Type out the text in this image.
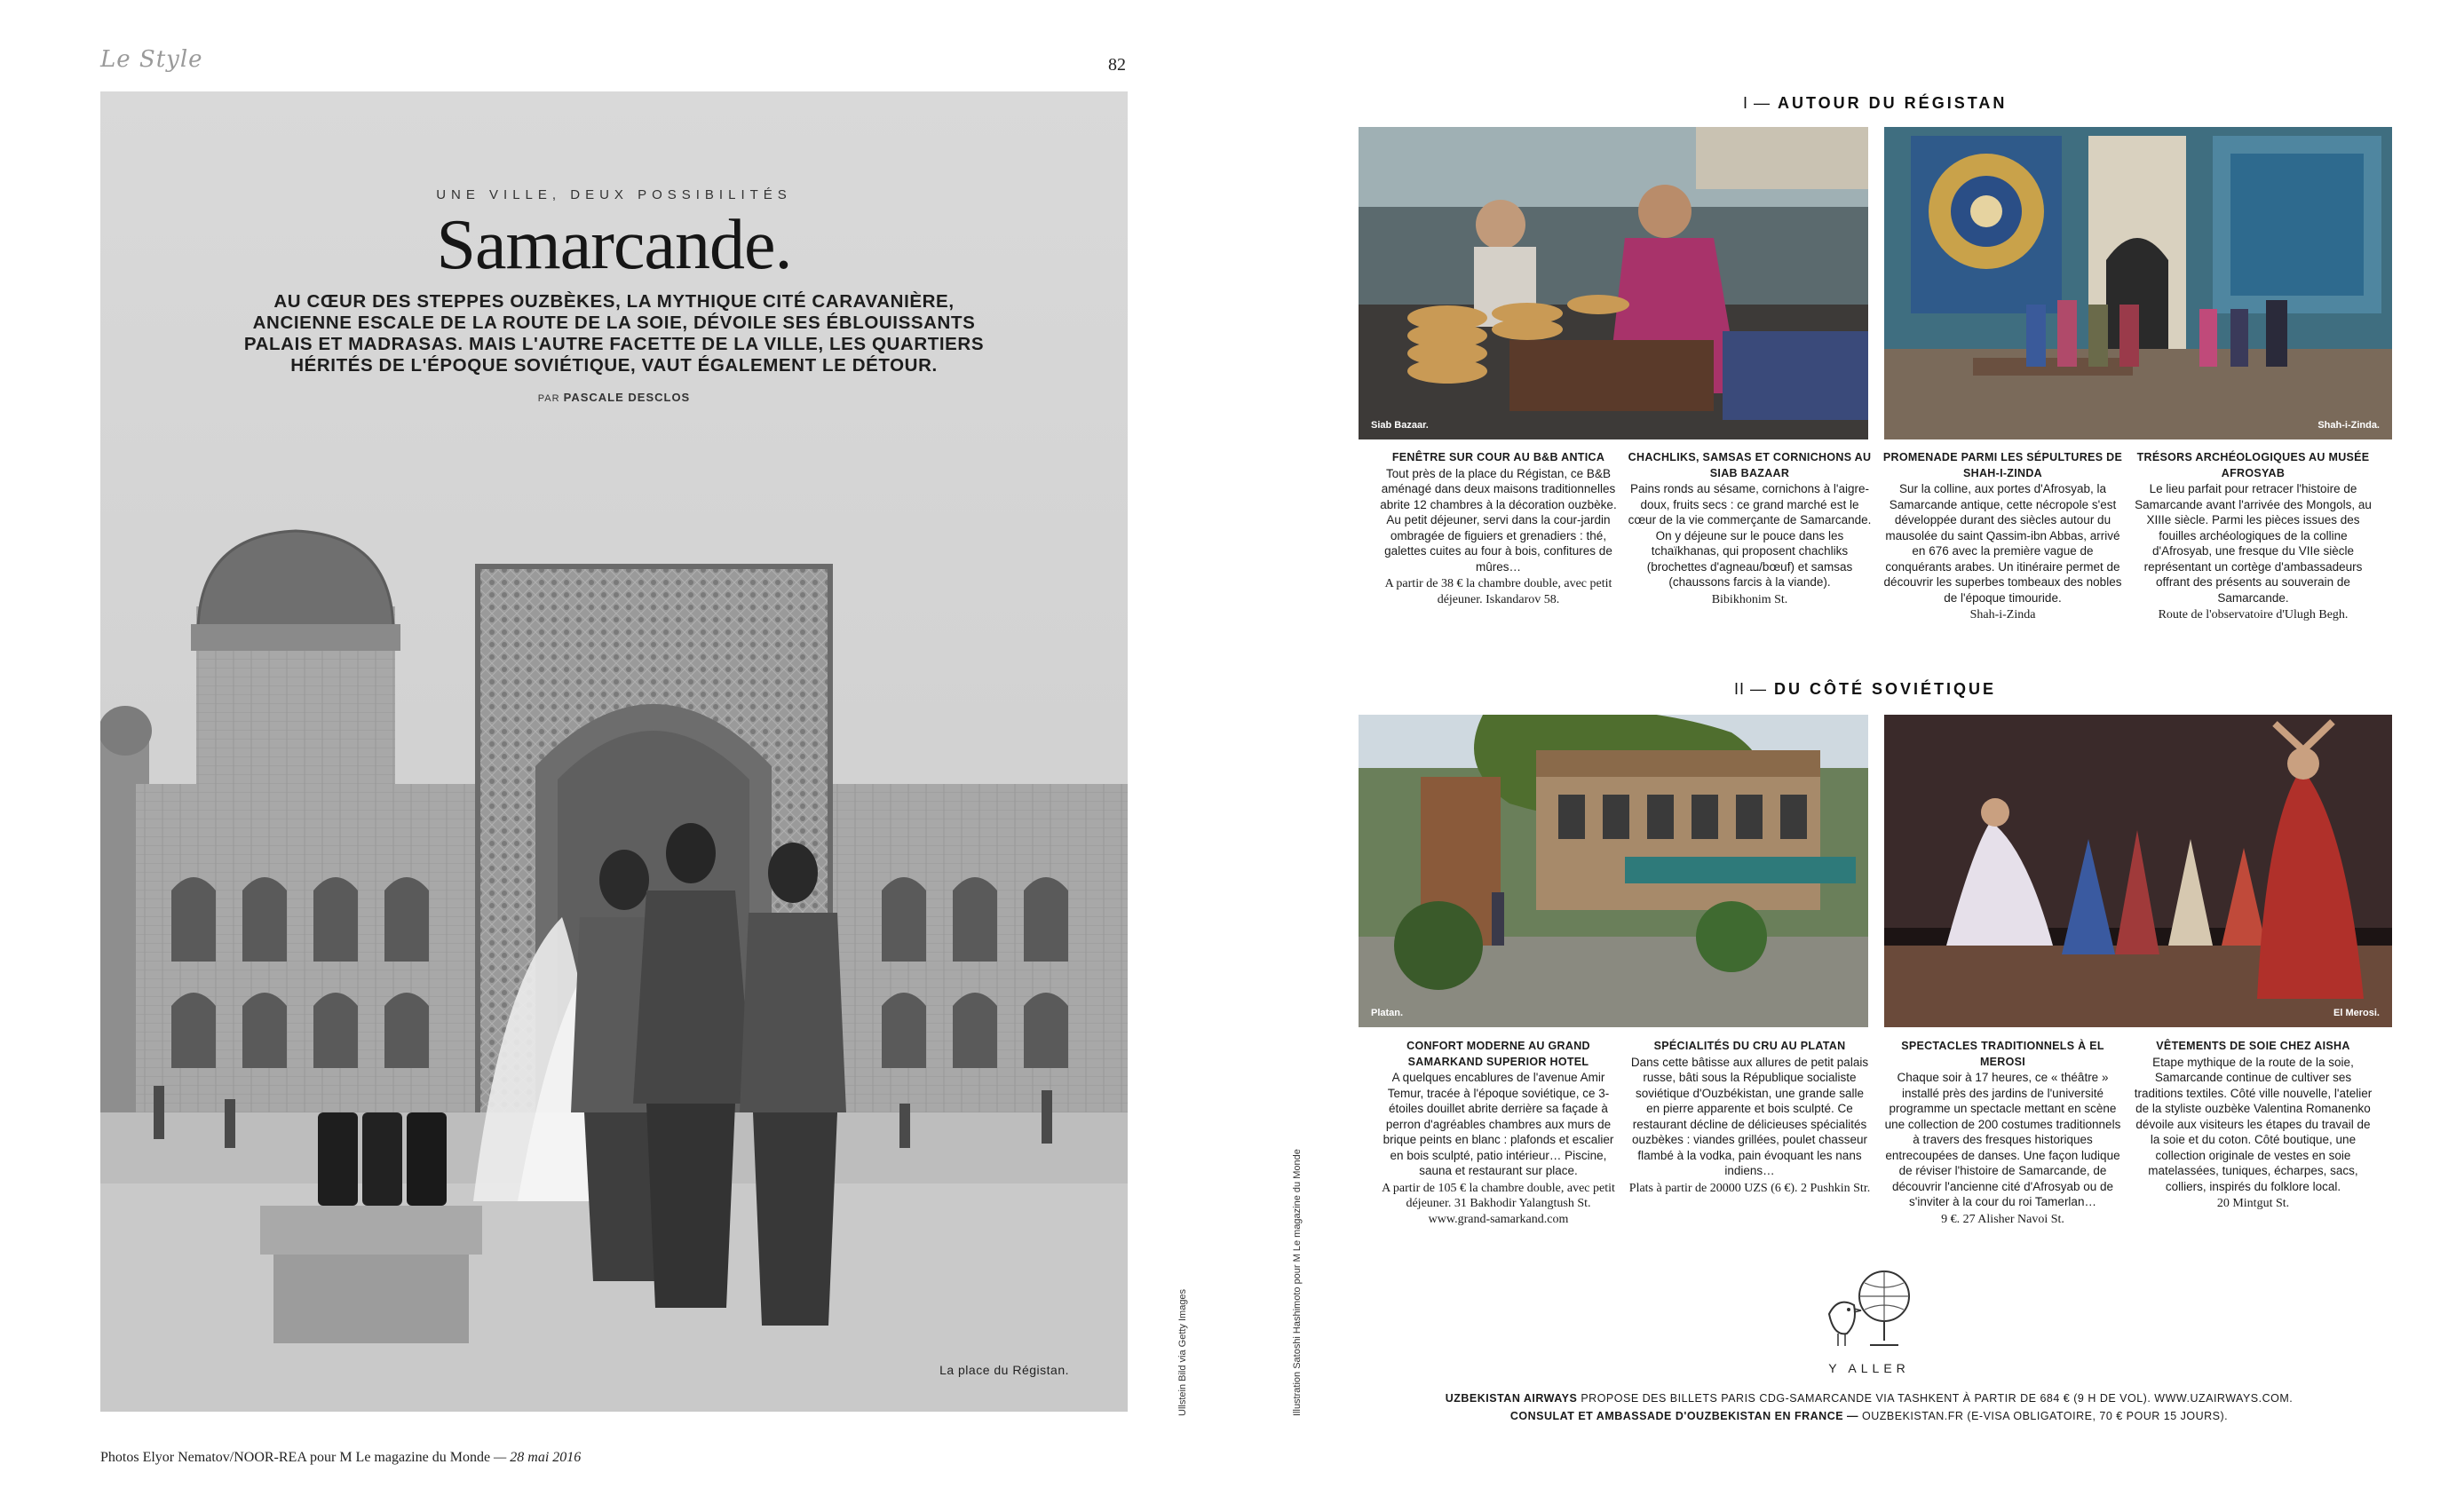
Le Style	82
UNE VILLE, DEUX POSSIBILITÉS
Samarcande.
AU CŒUR DES STEPPES OUZBÈKES, LA MYTHIQUE CITÉ CARAVANIÈRE, ANCIENNE ESCALE DE LA ROUTE DE LA SOIE, DÉVOILE SES ÉBLOUISSANTS PALAIS ET MADRASAS. MAIS L'AUTRE FACETTE DE LA VILLE, LES QUARTIERS HÉRITÉS DE L'ÉPOQUE SOVIÉTIQUE, VAUT ÉGALEMENT LE DÉTOUR.
PAR PASCALE DESCLOS
La place du Régistan.
Photos Elyor Nematov/NOOR-REA pour M Le magazine du Monde — 28 mai 2016
Ullstein Bild via Getty Images	Illustration Satoshi Hashimoto pour M Le magazine du Monde
I — AUTOUR DU RÉGISTAN
Siab Bazaar.	Shah-i-Zinda.
FENÊTRE SUR COUR AU B&B ANTICA
Tout près de la place du Régistan, ce B&B aménagé dans deux maisons traditionnelles abrite 12 chambres à la décoration ouzbèke. Au petit déjeuner, servi dans la cour-jardin ombragée de figuiers et grenadiers : thé, galettes cuites au four à bois, confitures de mûres…
A partir de 38 € la chambre double, avec petit déjeuner. Iskandarov 58.
CHACHLIKS, SAMSAS ET CORNICHONS AU SIAB BAZAAR
Pains ronds au sésame, cornichons à l'aigre-doux, fruits secs : ce grand marché est le cœur de la vie commerçante de Samarcande. On y déjeune sur le pouce dans les tchaïkhanas, qui proposent chachliks (brochettes d'agneau/bœuf) et samsas (chaussons farcis à la viande).
Bibikhonim St.
PROMENADE PARMI LES SÉPULTURES DE SHAH-I-ZINDA
Sur la colline, aux portes d'Afrosyab, la Samarcande antique, cette nécropole s'est développée durant des siècles autour du mausolée du saint Qassim-ibn Abbas, arrivé en 676 avec la première vague de conquérants arabes. Un itinéraire permet de découvrir les superbes tombeaux des nobles de l'époque timouride.
Shah-i-Zinda
TRÉSORS ARCHÉOLOGIQUES AU MUSÉE AFROSYAB
Le lieu parfait pour retracer l'histoire de Samarcande avant l'arrivée des Mongols, au XIIIe siècle. Parmi les pièces issues des fouilles archéologiques de la colline d'Afrosyab, une fresque du VIIe siècle représentant un cortège d'ambassadeurs offrant des présents au souverain de Samarcande.
Route de l'observatoire d'Ulugh Begh.
II — DU CÔTÉ SOVIÉTIQUE
Platan.	El Merosi.
CONFORT MODERNE AU GRAND SAMARKAND SUPERIOR HOTEL
A quelques encablures de l'avenue Amir Temur, tracée à l'époque soviétique, ce 3-étoiles douillet abrite derrière sa façade à perron d'agréables chambres aux murs de brique peints en blanc : plafonds et escalier en bois sculpté, patio intérieur… Piscine, sauna et restaurant sur place.
A partir de 105 € la chambre double, avec petit déjeuner. 31 Bakhodir Yalangtush St. www.grand-samarkand.com
SPÉCIALITÉS DU CRU AU PLATAN
Dans cette bâtisse aux allures de petit palais russe, bâti sous la République socialiste soviétique d'Ouzbékistan, une grande salle en pierre apparente et bois sculpté. Ce restaurant décline de délicieuses spécialités ouzbèkes : viandes grillées, poulet chasseur flambé à la vodka, pain évoquant les nans indiens…
Plats à partir de 20000 UZS (6 €). 2 Pushkin Str.
SPECTACLES TRADITIONNELS À EL MEROSI
Chaque soir à 17 heures, ce « théâtre » installé près des jardins de l'université programme un spectacle mettant en scène une collection de 200 costumes traditionnels à travers des fresques historiques entrecoupées de danses. Une façon ludique de réviser l'histoire de Samarcande, de découvrir l'ancienne cité d'Afrosyab ou de s'inviter à la cour du roi Tamerlan…
9 €. 27 Alisher Navoi St.
VÊTEMENTS DE SOIE CHEZ AISHA
Etape mythique de la route de la soie, Samarcande continue de cultiver ses traditions textiles. Côté ville nouvelle, l'atelier de la styliste ouzbèke Valentina Romanenko dévoile aux visiteurs les étapes du travail de la soie et du coton. Côté boutique, une collection originale de vestes en soie matelassées, tuniques, écharpes, sacs, colliers, inspirés du folklore local.
20 Mintgut St.
Y ALLER
UZBEKISTAN AIRWAYS PROPOSE DES BILLETS PARIS CDG-SAMARCANDE VIA TASHKENT À PARTIR DE 684 € (9 H DE VOL). WWW.UZAIRWAYS.COM.
CONSULAT ET AMBASSADE D'OUZBEKISTAN EN FRANCE — OUZBEKISTAN.FR (E-VISA OBLIGATOIRE, 70 € POUR 15 JOURS).
